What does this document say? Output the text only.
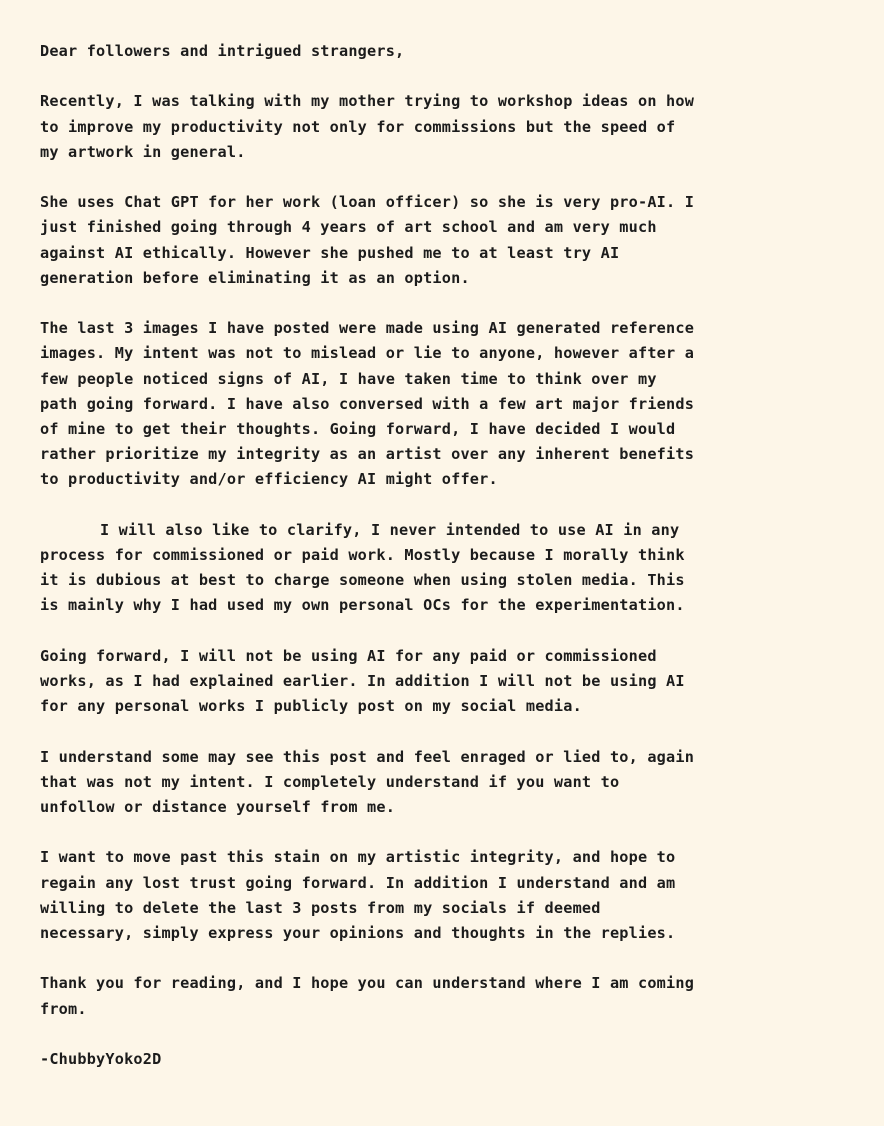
Dear followers and intrigued strangers,

Recently, I was talking with my mother trying to workshop ideas on how
to improve my productivity not only for commissions but the speed of
my artwork in general.

She uses Chat GPT for her work (loan officer) so she is very pro-AI. I
just finished going through 4 years of art school and am very much
against AI ethically. However she pushed me to at least try AI
generation before eliminating it as an option.

The last 3 images I have posted were made using AI generated reference
images. My intent was not to mislead or lie to anyone, however after a
few people noticed signs of AI, I have taken time to think over my
path going forward. I have also conversed with a few art major friends
of mine to get their thoughts. Going forward, I have decided I would
rather prioritize my integrity as an artist over any inherent benefits
to productivity and/or efficiency AI might offer.

I will also like to clarify, I never intended to use AI in any
process for commissioned or paid work. Mostly because I morally think
it is dubious at best to charge someone when using stolen media. This
is mainly why I had used my own personal OCs for the experimentation.

Going forward, I will not be using AI for any paid or commissioned
works, as I had explained earlier. In addition I will not be using AI
for any personal works I publicly post on my social media.

I understand some may see this post and feel enraged or lied to, again
that was not my intent. I completely understand if you want to
unfollow or distance yourself from me.

I want to move past this stain on my artistic integrity, and hope to
regain any lost trust going forward. In addition I understand and am
willing to delete the last 3 posts from my socials if deemed
necessary, simply express your opinions and thoughts in the replies.

Thank you for reading, and I hope you can understand where I am coming
from.

-ChubbyYoko2D
